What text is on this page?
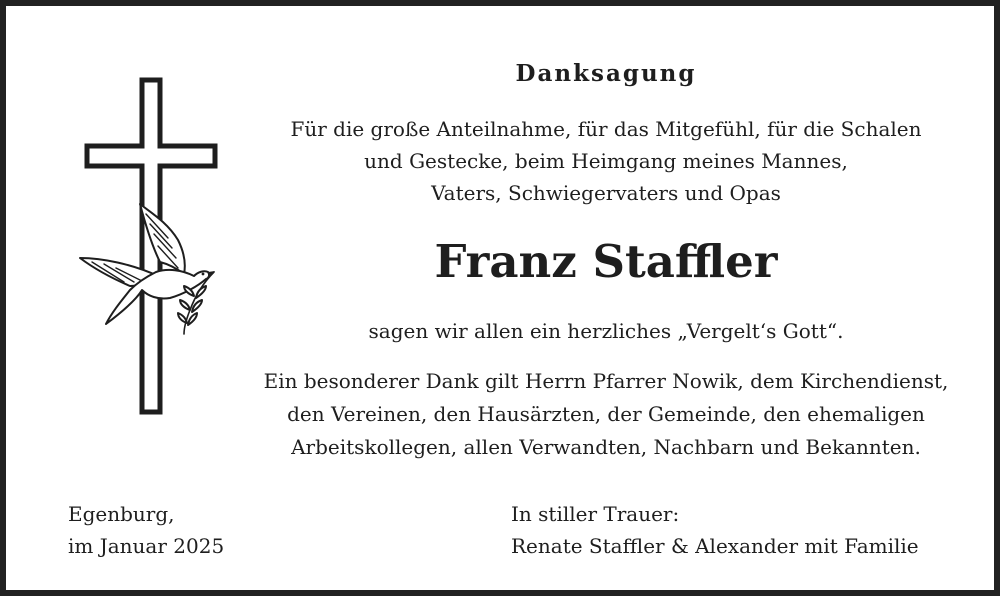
Danksagung
Für die große Anteilnahme, für das Mitgefühl, für die Schalen
und Gestecke, beim Heimgang meines Mannes,
Vaters, Schwiegervaters und Opas
Franz Staffler
sagen wir allen ein herzliches „Vergelt‘s Gott“.
Ein besonderer Dank gilt Herrn Pfarrer Nowik, dem Kirchendienst,
den Vereinen, den Hausärzten, der Gemeinde, den ehemaligen
Arbeitskollegen, allen Verwandten, Nachbarn und Bekannten.
Egenburg,
im Januar 2025
In stiller Trauer:
Renate Staffler & Alexander mit Familie
